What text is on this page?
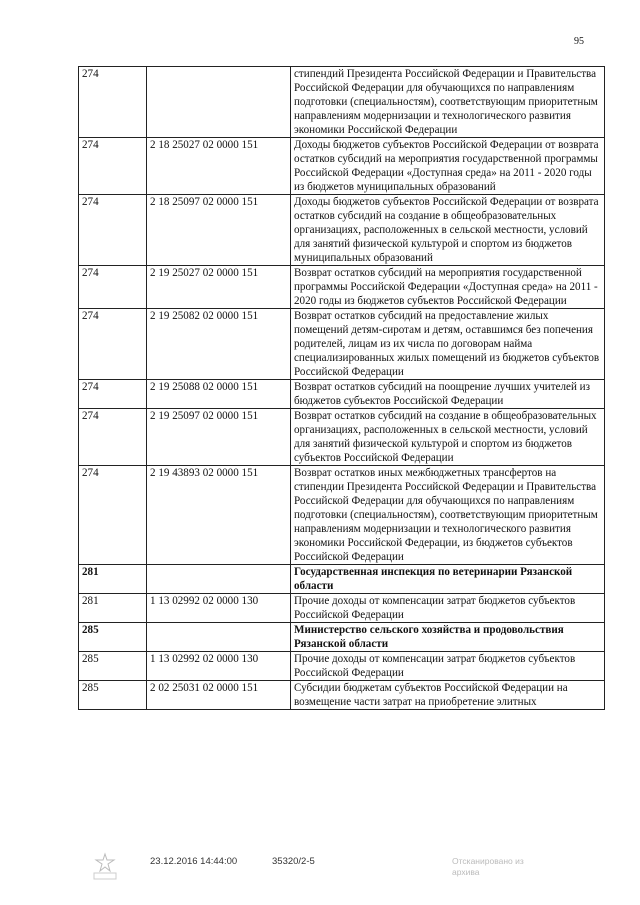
95
274		стипендий Президента Российской Федерации и Правительства Российской Федерации для обучающихся по направлениям подготовки (специальностям), соответствующим приоритетным направлениям модернизации и технологического развития экономики Российской Федерации
274	2 18 25027 02 0000 151	Доходы бюджетов субъектов Российской Федерации от возврата остатков субсидий на мероприятия государственной программы Российской Федерации «Доступная среда» на 2011 - 2020 годы из бюджетов муниципальных образований
274	2 18 25097 02 0000 151	Доходы бюджетов субъектов Российской Федерации от возврата остатков субсидий на создание в общеобразовательных организациях, расположенных в сельской местности, условий для занятий физической культурой и спортом из бюджетов муниципальных образований
274	2 19 25027 02 0000 151	Возврат остатков субсидий на мероприятия государственной программы Российской Федерации «Доступная среда» на 2011 - 2020 годы из бюджетов субъектов Российской Федерации
274	2 19 25082 02 0000 151	Возврат остатков субсидий на предоставление жилых помещений детям-сиротам и детям, оставшимся без попечения родителей, лицам из их числа по договорам найма специализированных жилых помещений из бюджетов субъектов Российской Федерации
274	2 19 25088 02 0000 151	Возврат остатков субсидий на поощрение лучших учителей из бюджетов субъектов Российской Федерации
274	2 19 25097 02 0000 151	Возврат остатков субсидий на создание в общеобразовательных организациях, расположенных в сельской местности, условий для занятий физической культурой и спортом из бюджетов субъектов Российской Федерации
274	2 19 43893 02 0000 151	Возврат остатков иных межбюджетных трансфертов на стипендии Президента Российской Федерации и Правительства Российской Федерации для обучающихся по направлениям подготовки (специальностям), соответствующим приоритетным направлениям модернизации и технологического развития экономики Российской Федерации, из бюджетов субъектов Российской Федерации
281		Государственная инспекция по ветеринарии Рязанской области
281	1 13 02992 02 0000 130	Прочие доходы от компенсации затрат бюджетов субъектов Российской Федерации
285		Министерство сельского хозяйства и продовольствия Рязанской области
285	1 13 02992 02 0000 130	Прочие доходы от компенсации затрат бюджетов субъектов Российской Федерации
285	2 02 25031 02 0000 151	Субсидии бюджетам субъектов Российской Федерации на возмещение части затрат на приобретение элитных
23.12.2016 14:44:00	35320/2-5	Отсканировано из
архива
